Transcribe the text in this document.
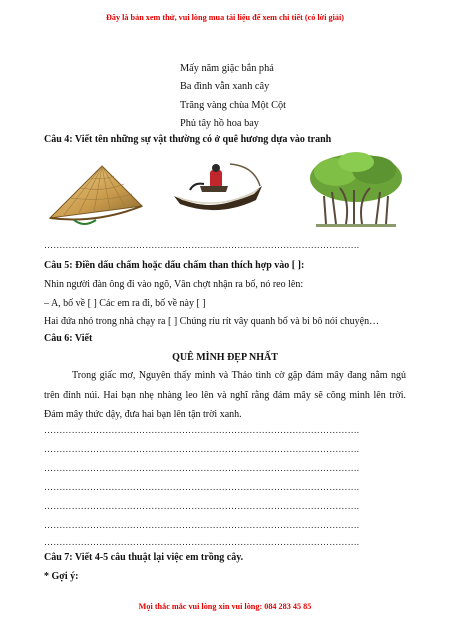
Đây là bản xem thử, vui lòng mua tài liệu để xem chi tiết (có lời giải)
Mấy năm giặc bắn phá
Ba đình vẫn xanh cây
Trăng vàng chùa Một Cột
Phủ tây hồ hoa bay
Câu 4: Viết tên những sự vật thường có ở quê hương dựa vào tranh
………………………………………………………………………………………….
Câu 5: Điền dấu chấm hoặc dấu chấm than thích hợp vào [ ]:
Nhìn người đàn ông đi vào ngõ, Vân chợt nhận ra bố, nó reo lên:
– A, bố về [ ] Các em ra đi, bố về này [ ]
Hai đứa nhỏ trong nhà chạy ra [ ] Chúng ríu rít vây quanh bố và bi bô nói chuyện…
Câu 6: Viết
QUÊ MÌNH ĐẸP NHẤT
Trong giấc mơ, Nguyên thấy mình và Thảo tình cờ gặp đám mây đang nằm ngủ trên đỉnh núi. Hai bạn nhẹ nhàng leo lên và nghĩ rằng đám mây sẽ cõng mình lên trời. Đám mây thức dậy, đưa hai bạn lên tận trời xanh.
………………………………………………………………………………………….
………………………………………………………………………………………….
………………………………………………………………………………………….
………………………………………………………………………………………….
………………………………………………………………………………………….
………………………………………………………………………………………….
………………………………………………………………………………………….
Câu 7: Viết 4-5 câu thuật lại việc em trồng cây.
* Gợi ý:
Mọi thắc mắc vui lòng xin vui lòng: 084 283 45 85
